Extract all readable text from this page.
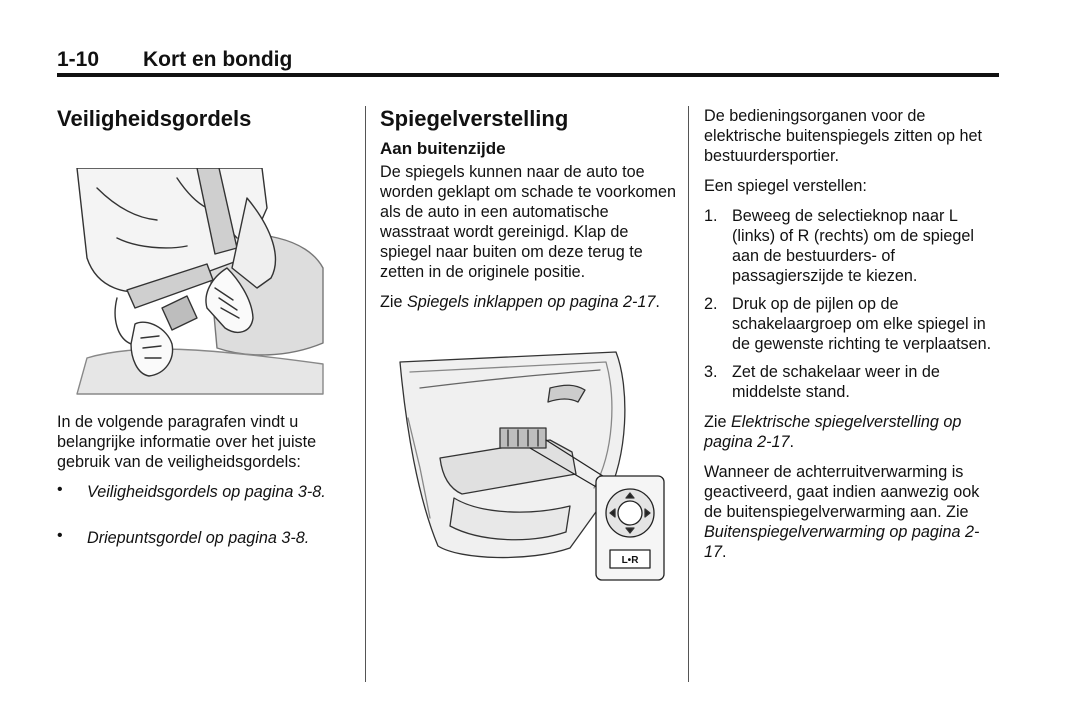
1-10 Kort en bondig
Veiligheidsgordels

In de volgende paragrafen vindt u belangrijke informatie over het juiste gebruik van de veiligheidsgordels:

• Veiligheidsgordels op pagina 3-8.
• Driepuntsgordel op pagina 3-8.
Spiegelverstelling
Aan buitenzijde

De spiegels kunnen naar de auto toe worden geklapt om schade te voorkomen als de auto in een automatische wasstraat wordt gereinigd. Klap de spiegel naar buiten om deze terug te zetten in de originele positie.

Zie Spiegels inklappen op pagina 2-17.

L•R

De bedieningsorganen voor de elektrische buitenspiegels zitten op het bestuurdersportier.

Een spiegel verstellen:

1. Beweeg de selectieknop naar L (links) of R (rechts) om de spiegel aan de bestuurders- of passagierszijde te kiezen.
2. Druk op de pijlen op de schakelaargroep om elke spiegel in de gewenste richting te verplaatsen.
3. Zet de schakelaar weer in de middelste stand.

Zie Elektrische spiegelverstelling op pagina 2-17.

Wanneer de achterruitverwarming is geactiveerd, gaat indien aanwezig ook de buitenspiegelverwarming aan. Zie Buitenspiegelverwarming op pagina 2-17.
